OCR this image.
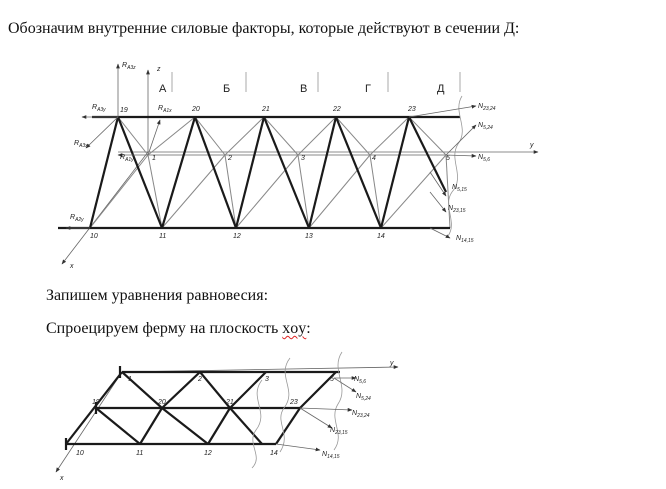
Обозначим внутренние силовые факторы, которые действуют в сечении Д:
Запишем уравнения равновесия:
Спроецируем ферму на плоскость xoy:
z
y
x
А	Б	В	Г	Д
19	20	21	22	23
1	2	3	4	5
10	11	12	13	14
$R_{A3z}$
$R_{A3y}$
$R_{A3x}$
$R_{A1x}$
$R_{A1y}$
$R_{A2y}$
$N_{23,24}$
$N_{5,24}$
$N_{5,6}$
$N_{5,15}$
$N_{23,15}$
$N_{14,15}$
y
x
1	2	3	5
19	20	21	23
10	11	12	14
$N_{5,6}$
$N_{5,24}$
$N_{23,24}$
$N_{23,15}$
$N_{14,15}$
